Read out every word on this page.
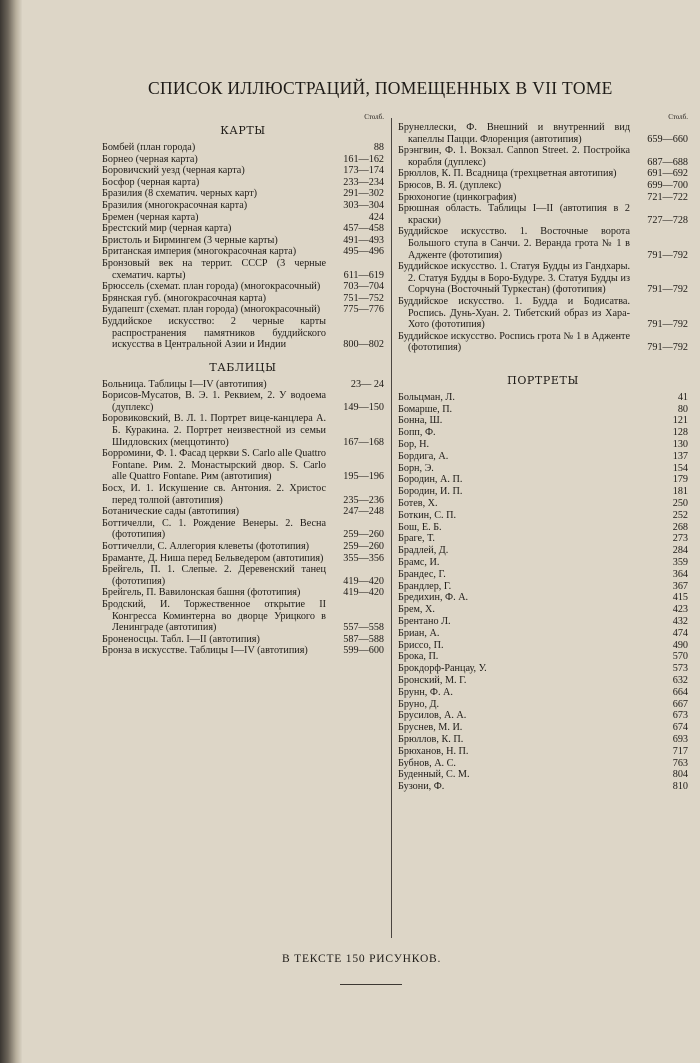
СПИСОК ИЛЛЮСТРАЦИЙ, ПОМЕЩЕННЫХ В VII ТОМЕ
Столб.
КАРТЫ
Бомбей (план города)	88
Борнео (черная карта)	161—162
Боровичский уезд (черная карта)	173—174
Босфор (черная карта)	233—234
Бразилия (8 схематич. черных карт)	291—302
Бразилия (многокрасочная карта)	303—304
Бремен (черная карта)	424
Брестский мир (черная карта)	457—458
Бристоль и Бирмингем (3 черные карты)	491—493
Британская империя (многокрасочная карта)	495—496
Бронзовый век на террит. СССР (3 черные схематич. карты)	611—619
Брюссель (схемат. план города) (многокрасочный)	703—704
Брянская губ. (многокрасочная карта)	751—752
Будапешт (схемат. план города) (многокрасочный)	775—776
Буддийское искусство: 2 черные карты распространения памятников буддийского искусства в Центральной Азии и Индии	800—802
ТАБЛИЦЫ
Больница. Таблицы I—IV (автотипия)	23— 24
Борисов-Мусатов, В. Э. 1. Реквием, 2. У водоема (дуплекс)	149—150
Боровиковский, В. Л. 1. Портрет вице-канцлера А. Б. Куракина. 2. Портрет неизвестной из семьи Шидловских (меццотинто)	167—168
Борромини, Ф. 1. Фасад церкви S. Carlo alle Quattro Fontane. Рим. 2. Монастырский двор. S. Carlo alle Quattro Fontane. Рим (автотипия)	195—196
Босх, И. 1. Искушение св. Антония. 2. Христос перед толпой (автотипия)	235—236
Ботанические сады (автотипия)	247—248
Боттичелли, С. 1. Рождение Венеры. 2. Весна (фототипия)	259—260
Боттичелли, С. Аллегория клеветы (фототипия)	259—260
Браманте, Д. Ниша перед Бельведером (автотипия)	355—356
Брейгель, П. 1. Слепые. 2. Деревенский танец (фототипия)	419—420
Брейгель, П. Вавилонская башня (фототипия)	419—420
Бродский, И. Торжественное открытие II Конгресса Коминтерна во дворце Урицкого в Ленинграде (автотипия)	557—558
Броненосцы. Табл. I—II (автотипия)	587—588
Бронза в искусстве. Таблицы I—IV (автотипия)	599—600
Столб.
Брунеллески, Ф. Внешний и внутренний вид капеллы Пацци. Флоренция (автотипия)	659—660
Брэнгвин, Ф. 1. Вокзал. Cannon Street. 2. Постройка корабля (дуплекс)	687—688
Брюллов, К. П. Всадница (трехцветная автотипия)	691—692
Брюсов, В. Я. (дуплекс)	699—700
Брюхоногие (цинкография)	721—722
Брюшная область. Таблицы I—II (автотипия в 2 краски)	727—728
Буддийское искусство. 1. Восточные ворота Большого ступа в Санчи. 2. Веранда грота № 1 в Адженте (фототипия)	791—792
Буддийское искусство. 1. Статуя Будды из Гандхары. 2. Статуя Будды в Боро-Будуре. 3. Статуя Будды из Сорчуна (Восточный Туркестан) (фототипия)	791—792
Буддийское искусство. 1. Будда и Бодисатва. Роспись. Дунь-Хуан. 2. Тибетский образ из Хара-Хото (фототипия)	791—792
Буддийское искусство. Роспись грота № 1 в Адженте (фототипия)	791—792
ПОРТРЕТЫ
Больцман, Л.	41
Бомарше, П.	80
Бонна, Ш.	121
Бопп, Ф.	128
Бор, Н.	130
Бордига, А.	137
Борн, Э.	154
Бородин, А. П.	179
Бородин, И. П.	181
Ботев, Х.	250
Боткин, С. П.	252
Бош, Е. Б.	268
Браге, Т.	273
Брадлей, Д.	284
Брамс, И.	359
Брандес, Г.	364
Брандлер, Г.	367
Бредихин, Ф. А.	415
Брем, Х.	423
Брентано Л.	432
Бриан, А.	474
Бриссо, П.	490
Брока, П.	570
Брокдорф-Ранцау, У.	573
Бронский, М. Г.	632
Брунн, Ф. А.	664
Бруно, Д.	667
Брусилов, А. А.	673
Бруснев, М. И.	674
Брюллов, К. П.	693
Брюханов, Н. П.	717
Бубнов, А. С.	763
Буденный, С. М.	804
Бузони, Ф.	810
В ТЕКСТЕ 150 РИСУНКОВ.
